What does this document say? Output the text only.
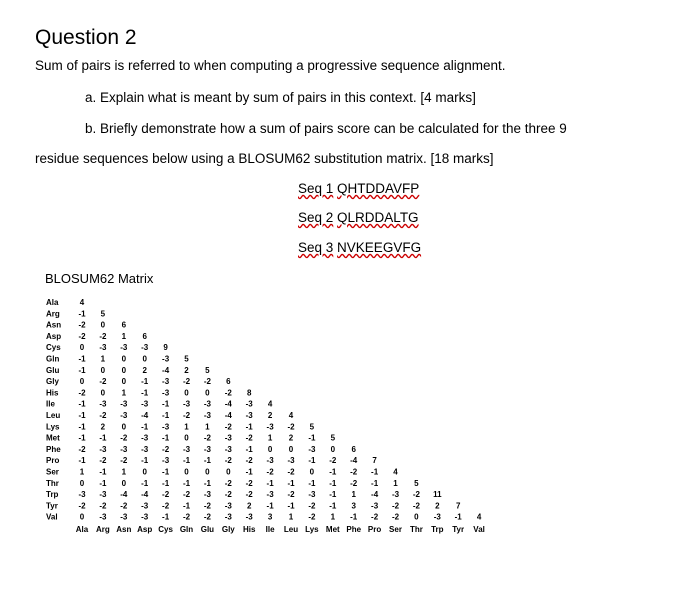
Question 2
Sum of pairs is referred to when computing a progressive sequence alignment.
a. Explain what is meant by sum of pairs in this context. [4 marks]
b. Briefly demonstrate how a sum of pairs score can be calculated for the three 9
residue sequences below using a BLOSUM62 substitution matrix. [18 marks]
Seq 1 QHTDDAVFP
Seq 2 QLRDDALTG
Seq 3 NVKEEGVFG
BLOSUM62 Matrix
Ala	4
Arg -1 5
Asn -2 0 6
Asp -2 -2 1 6
Cys 0 -3 -3 -3 9
Gln -1 1 0 0 -3 5
Glu -1 0 0 2 -4 2 5
Gly	0 -2 0 -1 -3 -2 -2 6
His -2 0 1 -1 -3 0 0 -2 8
Ile	-1 -3 -3 -3 -1 -3 -3 -4 -3 4
Leu -1 -2 -3 -4 -1 -2 -3 -4 -3 2 4
Lys -1 2 0 -1 -3 1 1 -2 -1 -3 -2 5
Met -1 -1 -2 -3 -1 0 -2 -3 -2 1 2 -1 5
Phe -2 -3 -3 -3 -2 -3 -3 -3 -1 0 0 -3 0 6
Pro -1 -2 -2 -1 -3 -1 -1 -2 -2 -3 -3 -1 -2 -4 7
Ser	1 -1 1 0 -1 0 0 0 -1 -2 -2 0 -1 -2 -1 4
Thr	0 -1 0 -1 -1 -1 -1 -2 -2 -1 -1 -1 -1 -2 -1 1 5
Trp -3 -3 -4 -4 -2 -2 -3 -2 -2 -3 -2 -3 -1 1 -4 -3 -2 11
Tyr	-2 -2 -2 -3 -2 -1 -2 -3 2 -1 -1 -2 -1 3 -3 -2 -2 2 7
Val	0 -3 -3 -3 -1 -2 -2 -3 -3 3 1 -2 1 -1 -2 -2 0 -3 -1 4
Ala Arg Asn Asp Cys Gln Glu Gly His Ile Leu Lys Met Phe Pro Ser Thr Trp Tyr Val
